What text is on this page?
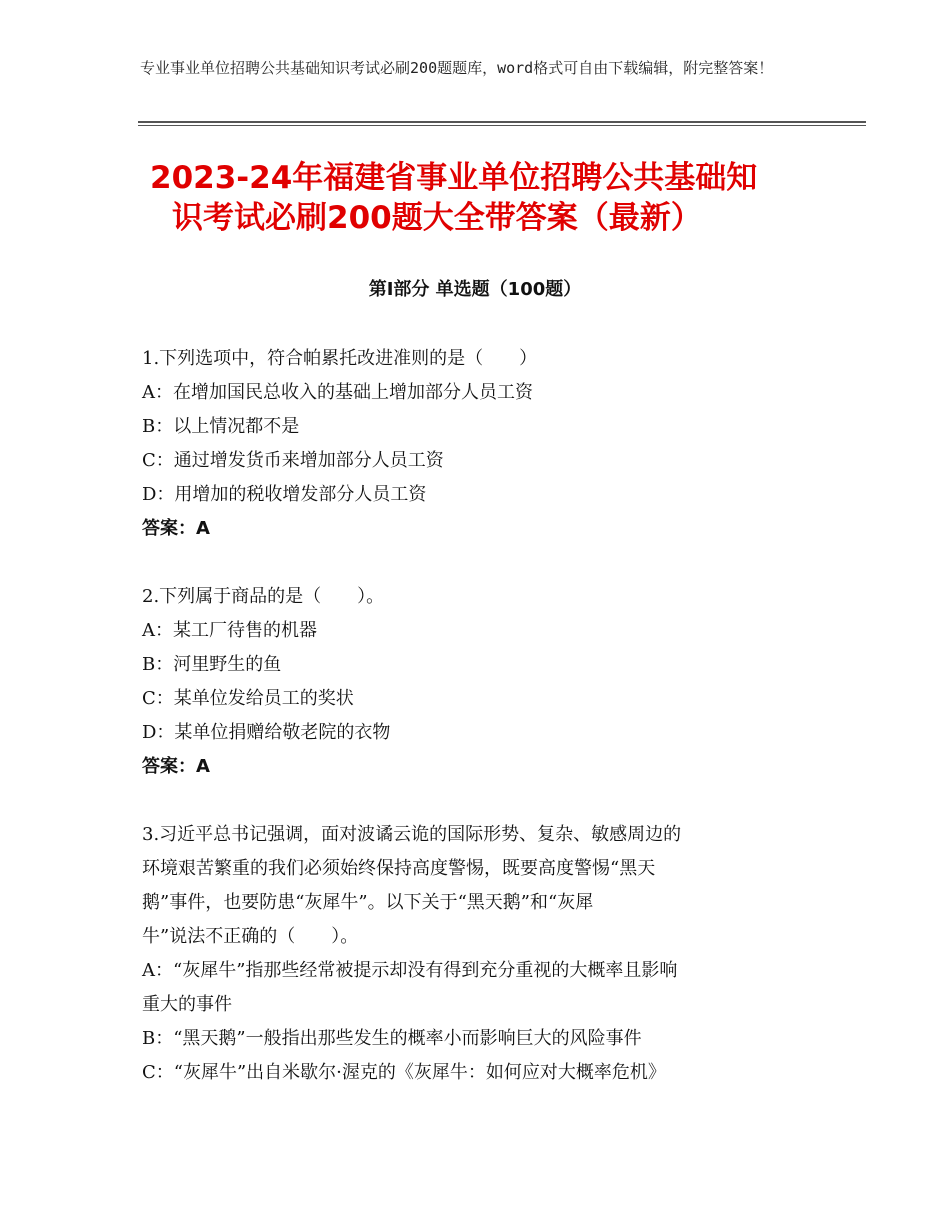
专业事业单位招聘公共基础知识考试必刷200题题库，word格式可自由下载编辑，附完整答案！
2023-24年福建省事业单位招聘公共基础知
识考试必刷200题大全带答案（最新）
第Ⅰ部分 单选题（100题）
1.下列选项中，符合帕累托改进准则的是（　　）
A：在增加国民总收入的基础上增加部分人员工资
B：以上情况都不是
C：通过增发货币来增加部分人员工资
D：用增加的税收增发部分人员工资
答案：A
2.下列属于商品的是（　　）。
A：某工厂待售的机器
B：河里野生的鱼
C：某单位发给员工的奖状
D：某单位捐赠给敬老院的衣物
答案：A
3.习近平总书记强调，面对波谲云诡的国际形势、复杂、敏感周边的
环境艰苦繁重的我们必须始终保持高度警惕，既要高度警惕“黑天
鹅”事件，也要防患“灰犀牛”。以下关于“黑天鹅”和“灰犀
牛”说法不正确的（　　）。
A：“灰犀牛”指那些经常被提示却没有得到充分重视的大概率且影响
重大的事件
B：“黑天鹅”一般指出那些发生的概率小而影响巨大的风险事件
C：“灰犀牛”出自米歇尔·渥克的《灰犀牛：如何应对大概率危机》
